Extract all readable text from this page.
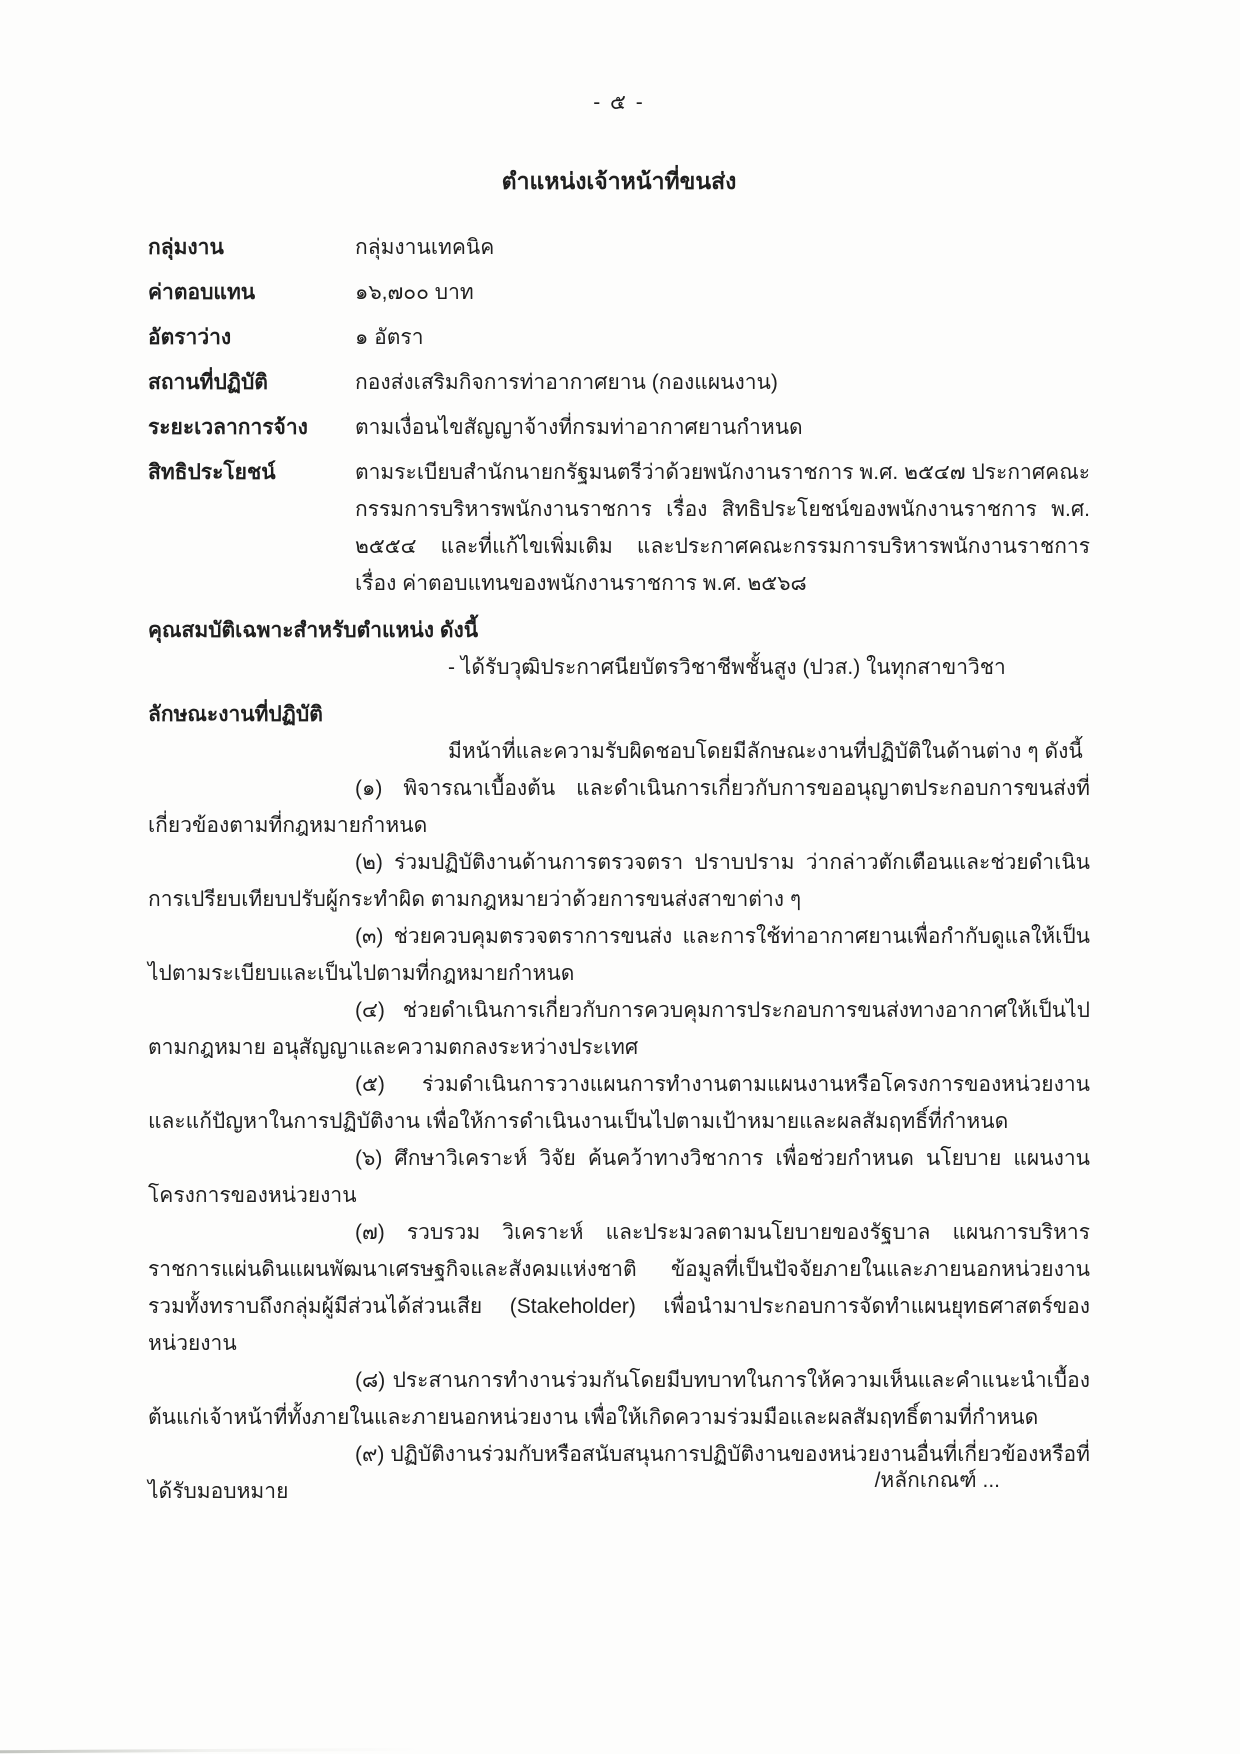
- ๕ -
ตำแหน่งเจ้าหน้าที่ขนส่ง
กลุ่มงาน	กลุ่มงานเทคนิค
ค่าตอบแทน	๑๖,๗๐๐ บาท
อัตราว่าง	๑ อัตรา
สถานที่ปฏิบัติ	กองส่งเสริมกิจการท่าอากาศยาน (กองแผนงาน)
ระยะเวลาการจ้าง	ตามเงื่อนไขสัญญาจ้างที่กรมท่าอากาศยานกำหนด
สิทธิประโยชน์	ตามระเบียบสำนักนายกรัฐมนตรีว่าด้วยพนักงานราชการ พ.ศ. ๒๕๔๗ ประกาศคณะกรรมการบริหารพนักงานราชการ เรื่อง สิทธิประโยชน์ของพนักงานราชการ พ.ศ. ๒๕๕๔ และที่แก้ไขเพิ่มเติม และประกาศคณะกรรมการบริหารพนักงานราชการ เรื่อง ค่าตอบแทนของพนักงานราชการ พ.ศ. ๒๕๖๘
คุณสมบัติเฉพาะสำหรับตำแหน่ง ดังนี้

- ได้รับวุฒิประกาศนียบัตรวิชาชีพชั้นสูง (ปวส.) ในทุกสาขาวิชา

ลักษณะงานที่ปฏิบัติ

มีหน้าที่และความรับผิดชอบโดยมีลักษณะงานที่ปฏิบัติในด้านต่าง ๆ ดังนี้

(๑) พิจารณาเบื้องต้น และดำเนินการเกี่ยวกับการขออนุญาตประกอบการขนส่งที่เกี่ยวข้องตามที่กฎหมายกำหนด

(๒) ร่วมปฏิบัติงานด้านการตรวจตรา ปราบปราม ว่ากล่าวตักเตือนและช่วยดำเนินการเปรียบเทียบปรับผู้กระทำผิด ตามกฎหมายว่าด้วยการขนส่งสาขาต่าง ๆ

(๓) ช่วยควบคุมตรวจตราการขนส่ง และการใช้ท่าอากาศยานเพื่อกำกับดูแลให้เป็นไปตามระเบียบและเป็นไปตามที่กฎหมายกำหนด

(๔) ช่วยดำเนินการเกี่ยวกับการควบคุมการประกอบการขนส่งทางอากาศให้เป็นไปตามกฎหมาย อนุสัญญาและความตกลงระหว่างประเทศ

(๕) ร่วมดำเนินการวางแผนการทำงานตามแผนงานหรือโครงการของหน่วยงานและแก้ปัญหาในการปฏิบัติงาน เพื่อให้การดำเนินงานเป็นไปตามเป้าหมายและผลสัมฤทธิ์ที่กำหนด

(๖) ศึกษาวิเคราะห์ วิจัย ค้นคว้าทางวิชาการ เพื่อช่วยกำหนด นโยบาย แผนงาน โครงการของหน่วยงาน

(๗) รวบรวม วิเคราะห์ และประมวลตามนโยบายของรัฐบาล แผนการบริหารราชการแผ่นดินแผนพัฒนาเศรษฐกิจและสังคมแห่งชาติ ข้อมูลที่เป็นปัจจัยภายในและภายนอกหน่วยงาน รวมทั้งทราบถึงกลุ่มผู้มีส่วนได้ส่วนเสีย (Stakeholder) เพื่อนำมาประกอบการจัดทำแผนยุทธศาสตร์ของหน่วยงาน

(๘) ประสานการทำงานร่วมกันโดยมีบทบาทในการให้ความเห็นและคำแนะนำเบื้องต้นแก่เจ้าหน้าที่ทั้งภายในและภายนอกหน่วยงาน เพื่อให้เกิดความร่วมมือและผลสัมฤทธิ์ตามที่กำหนด

(๙) ปฏิบัติงานร่วมกับหรือสนับสนุนการปฏิบัติงานของหน่วยงานอื่นที่เกี่ยวข้องหรือที่ได้รับมอบหมาย	/หลักเกณฑ์ ...
